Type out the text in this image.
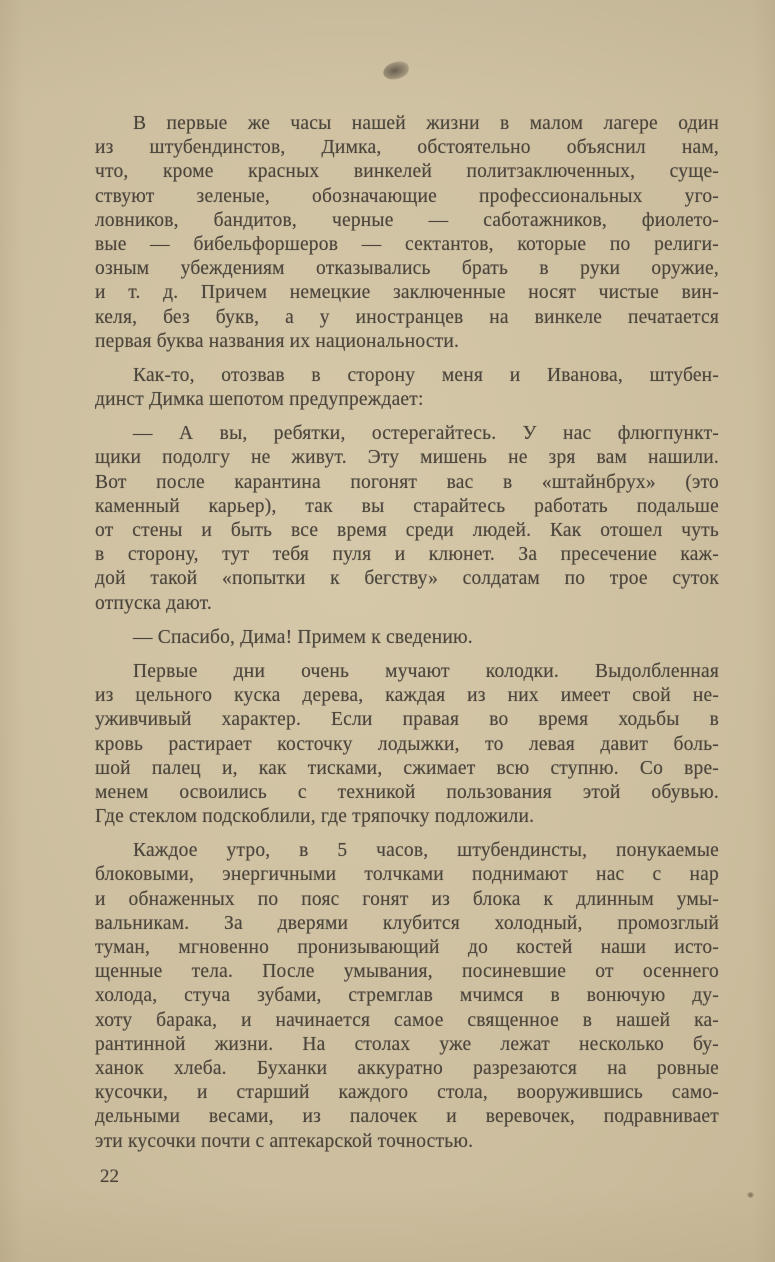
В первые же часы нашей жизни в малом лагере один
из штубендинстов, Димка, обстоятельно объяснил нам,
что, кроме красных винкелей политзаключенных, суще-
ствуют зеленые, обозначающие профессиональных уго-
ловников, бандитов, черные — саботажников, фиолето-
вые — бибельфоршеров — сектантов, которые по религи-
озным убеждениям отказывались брать в руки оружие,
и т. д. Причем немецкие заключенные носят чистые вин-
келя, без букв, а у иностранцев на винкеле печатается
первая буква названия их национальности.
Как-то, отозвав в сторону меня и Иванова, штубен-
динст Димка шепотом предупреждает:
— А вы, ребятки, остерегайтесь. У нас флюгпункт-
щики подолгу не живут. Эту мишень не зря вам нашили.
Вот после карантина погонят вас в «штайнбрух» (это
каменный карьер), так вы старайтесь работать подальше
от стены и быть все время среди людей. Как отошел чуть
в сторону, тут тебя пуля и клюнет. За пресечение каж-
дой такой «попытки к бегству» солдатам по трое суток
отпуска дают.
— Спасибо, Дима! Примем к сведению.
Первые дни очень мучают колодки. Выдолбленная
из цельного куска дерева, каждая из них имеет свой не-
уживчивый характер. Если правая во время ходьбы в
кровь растирает косточку лодыжки, то левая давит боль-
шой палец и, как тисками, сжимает всю ступню. Со вре-
менем освоились с техникой пользования этой обувью.
Где стеклом подскоблили, где тряпочку подложили.
Каждое утро, в 5 часов, штубендинсты, понукаемые
блоковыми, энергичными толчками поднимают нас с нар
и обнаженных по пояс гонят из блока к длинным умы-
вальникам. За дверями клубится холодный, промозглый
туман, мгновенно пронизывающий до костей наши исто-
щенные тела. После умывания, посиневшие от осеннего
холода, стуча зубами, стремглав мчимся в вонючую ду-
хоту барака, и начинается самое священное в нашей ка-
рантинной жизни. На столах уже лежат несколько бу-
ханок хлеба. Буханки аккуратно разрезаются на ровные
кусочки, и старший каждого стола, вооружившись само-
дельными весами, из палочек и веревочек, подравнивает
эти кусочки почти с аптекарской точностью.
22
